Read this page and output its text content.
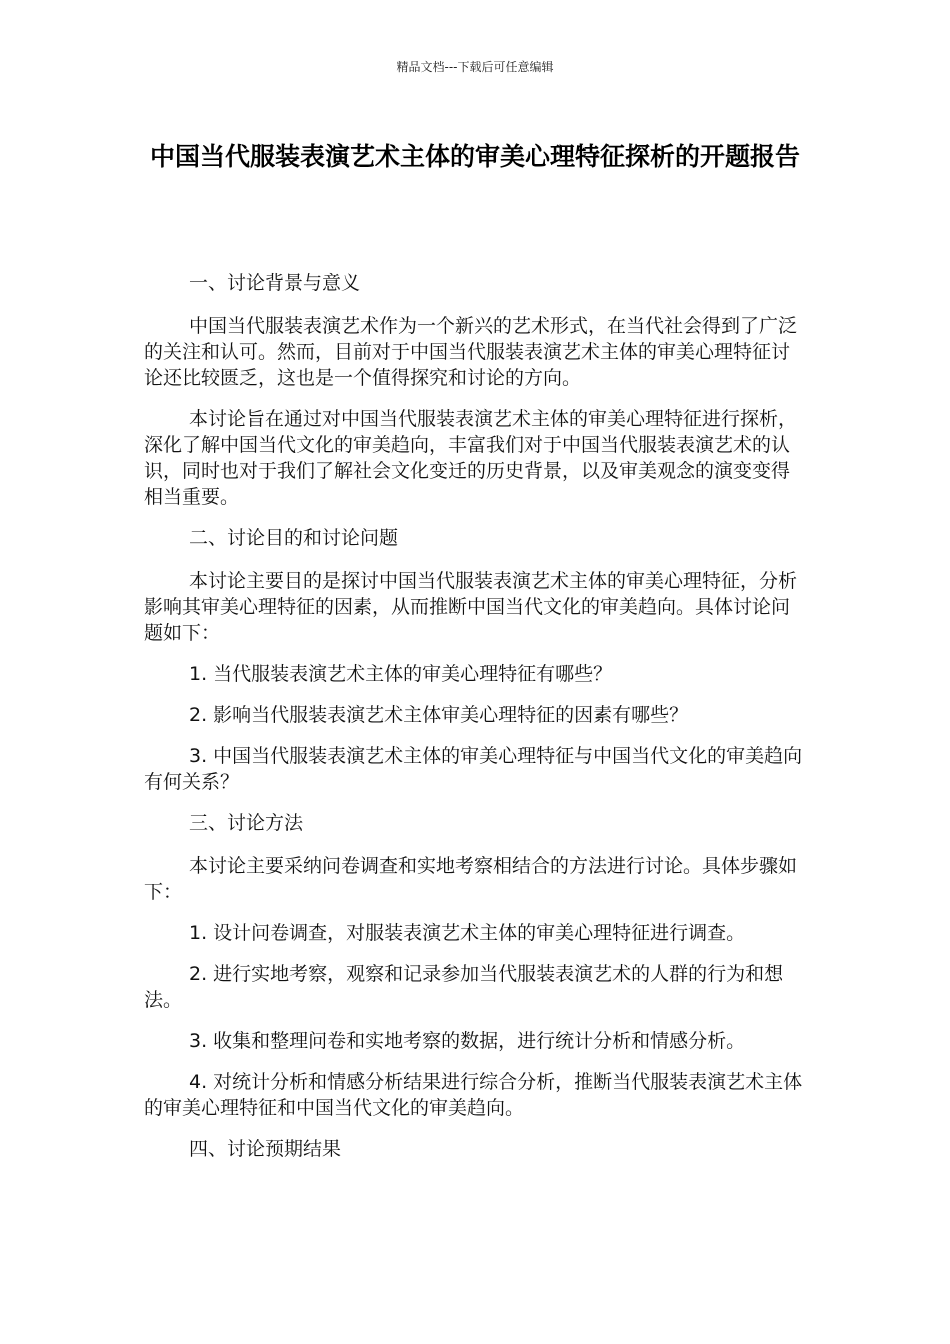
精品文档---下载后可任意编辑
中国当代服装表演艺术主体的审美心理特征探析的开题报告

一、讨论背景与意义

中国当代服装表演艺术作为一个新兴的艺术形式，在当代社会得到了广泛的关注和认可。然而，目前对于中国当代服装表演艺术主体的审美心理特征讨论还比较匮乏，这也是一个值得探究和讨论的方向。

本讨论旨在通过对中国当代服装表演艺术主体的审美心理特征进行探析，深化了解中国当代文化的审美趋向，丰富我们对于中国当代服装表演艺术的认识，同时也对于我们了解社会文化变迁的历史背景，以及审美观念的演变变得相当重要。

二、讨论目的和讨论问题

本讨论主要目的是探讨中国当代服装表演艺术主体的审美心理特征，分析影响其审美心理特征的因素，从而推断中国当代文化的审美趋向。具体讨论问题如下：

1. 当代服装表演艺术主体的审美心理特征有哪些？

2. 影响当代服装表演艺术主体审美心理特征的因素有哪些？

3. 中国当代服装表演艺术主体的审美心理特征与中国当代文化的审美趋向有何关系？

三、讨论方法

本讨论主要采纳问卷调查和实地考察相结合的方法进行讨论。具体步骤如下：

1. 设计问卷调查，对服装表演艺术主体的审美心理特征进行调查。

2. 进行实地考察，观察和记录参加当代服装表演艺术的人群的行为和想法。

3. 收集和整理问卷和实地考察的数据，进行统计分析和情感分析。

4. 对统计分析和情感分析结果进行综合分析，推断当代服装表演艺术主体的审美心理特征和中国当代文化的审美趋向。

四、讨论预期结果
